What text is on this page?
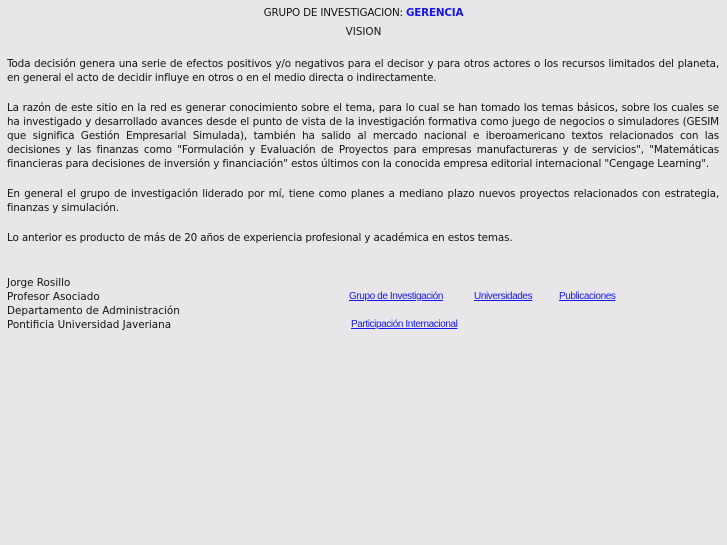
GRUPO DE INVESTIGACION: GERENCIA
VISION

Toda decisión genera una serie de efectos positivos y/o negativos para el decisor y para otros actores o los recursos limitados del planeta, en general el acto de decidir influye en otros o en el medio directa o indirectamente.

La razón de este sitio en la red es generar conocimiento sobre el tema, para lo cual se han tomado los temas básicos, sobre los cuales se ha investigado y desarrollado avances desde el punto de vista de la investigación formativa como juego de negocios o simuladores (GESIM que significa Gestión Empresarial Simulada), también ha salido al mercado nacional e iberoamericano textos relacionados con las decisiones y las finanzas como "Formulación y Evaluación de Proyectos para empresas manufactureras y de servicios", "Matemáticas financieras para decisiones de inversión y financiación" estos últimos con la conocida empresa editorial internacional "Cengage Learning".

En general el grupo de investigación liderado por mí, tiene como planes a mediano plazo nuevos proyectos relacionados con estrategia, finanzas y simulación.

Lo anterior es producto de más de 20 años de experiencia profesional y académica en estos temas.

Jorge Rosillo
Profesor Asociado
Departamento de Administración
Pontificia Universidad Javeriana
Grupo de Investigación	Universidades	Publicaciones
Participación Internacional
